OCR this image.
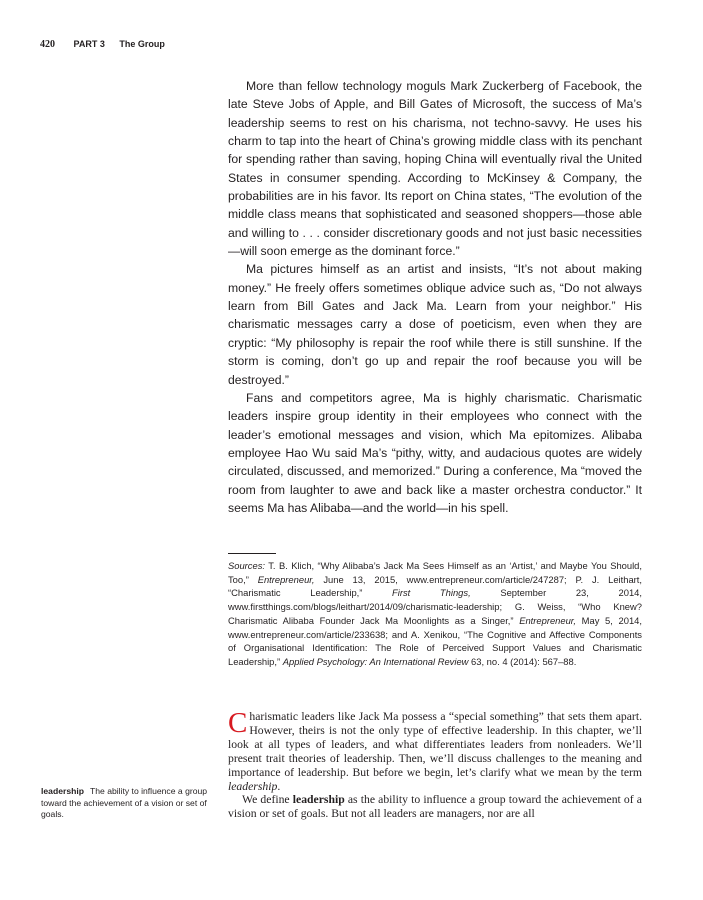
420 PART 3 The Group

More than fellow technology moguls Mark Zuckerberg of Facebook, the late Steve Jobs of Apple, and Bill Gates of Microsoft, the success of Ma’s leadership seems to rest on his charisma, not techno-savvy. He uses his charm to tap into the heart of China’s growing middle class with its penchant for spending rather than saving, hoping China will eventually rival the United States in consumer spending. According to McKinsey & Company, the probabilities are in his favor. Its report on China states, “The evolution of the middle class means that sophisticated and seasoned shoppers—those able and willing to . . . consider discretionary goods and not just basic necessities—will soon emerge as the dominant force.”

Ma pictures himself as an artist and insists, “It’s not about making money.” He freely offers sometimes oblique advice such as, “Do not always learn from Bill Gates and Jack Ma. Learn from your neighbor.” His charismatic messages carry a dose of poeticism, even when they are cryptic: “My philosophy is repair the roof while there is still sunshine. If the storm is coming, don’t go up and repair the roof because you will be destroyed.”

Fans and competitors agree, Ma is highly charismatic. Charismatic leaders inspire group identity in their employees who connect with the leader’s emotional messages and vision, which Ma epitomizes. Alibaba employee Hao Wu said Ma’s “pithy, witty, and audacious quotes are widely circulated, discussed, and memorized.” During a conference, Ma “moved the room from laughter to awe and back like a master orchestra conductor.” It seems Ma has Alibaba—and the world—in his spell.

Sources: T. B. Klich, “Why Alibaba’s Jack Ma Sees Himself as an ‘Artist,’ and Maybe You Should, Too,” Entrepreneur, June 13, 2015, www.entrepreneur.com/article/247287; P. J. Leithart, “Charismatic Leadership,” First Things, September 23, 2014, www.firstthings.com/blogs/leithart/2014/09/charismatic-leadership; G. Weiss, “Who Knew? Charismatic Alibaba Founder Jack Ma Moonlights as a Singer,” Entrepreneur, May 5, 2014, www.entrepreneur.com/article/233638; and A. Xenikou, “The Cognitive and Affective Components of Organisational Identification: The Role of Perceived Support Values and Charismatic Leadership,” Applied Psychology: An International Review 63, no. 4 (2014): 567–88.

Charismatic leaders like Jack Ma possess a “special something” that sets them apart. However, theirs is not the only type of effective leadership. In this chapter, we’ll look at all types of leaders, and what differentiates leaders from nonleaders. We’ll present trait theories of leadership. Then, we’ll discuss challenges to the meaning and importance of leadership. But before we begin, let’s clarify what we mean by the term leadership.

We define leadership as the ability to influence a group toward the achievement of a vision or set of goals. But not all leaders are managers, nor are all

leadership The ability to influence a group toward the achievement of a vision or set of goals.
